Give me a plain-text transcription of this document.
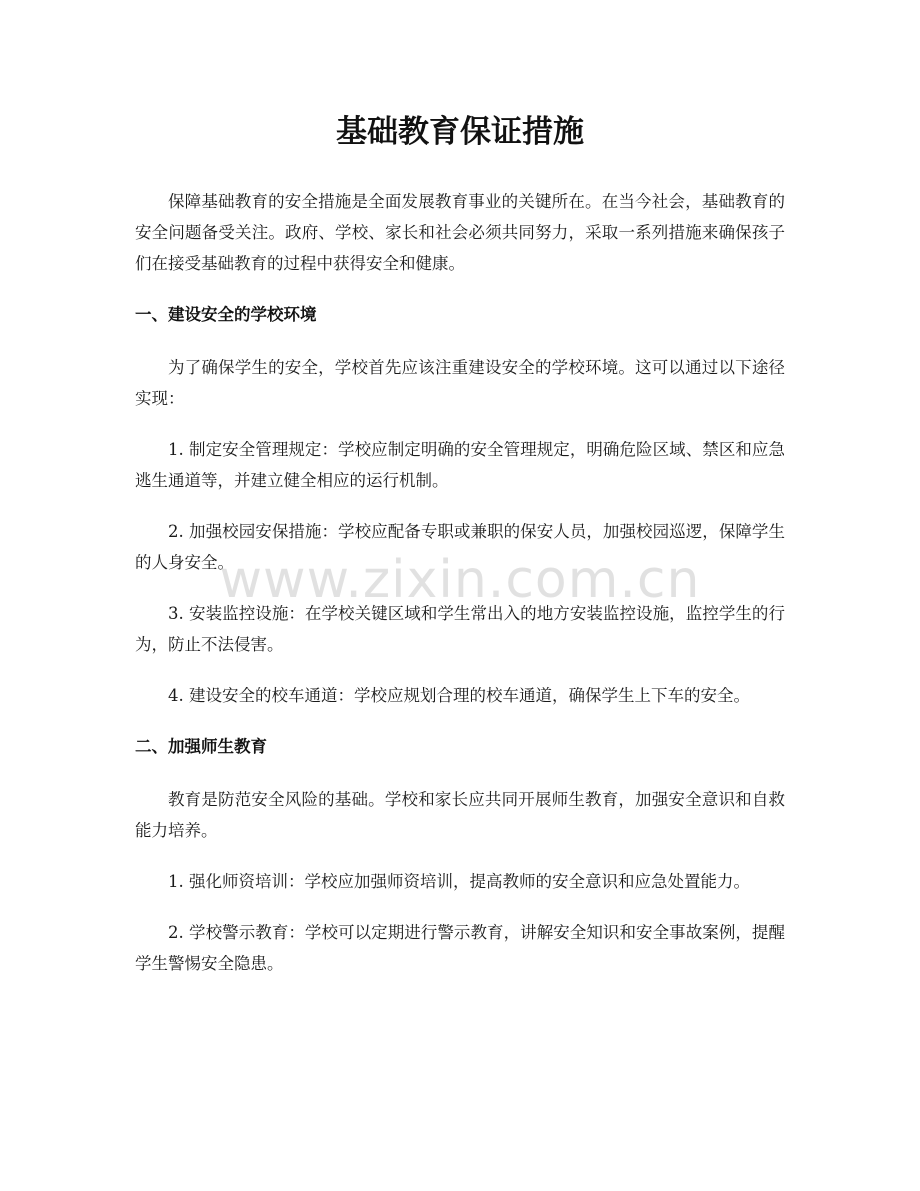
基础教育保证措施

保障基础教育的安全措施是全面发展教育事业的关键所在。在当今社会，基础教育的安全问题备受关注。政府、学校、家长和社会必须共同努力，采取一系列措施来确保孩子们在接受基础教育的过程中获得安全和健康。

一、建设安全的学校环境

为了确保学生的安全，学校首先应该注重建设安全的学校环境。这可以通过以下途径实现：

1. 制定安全管理规定：学校应制定明确的安全管理规定，明确危险区域、禁区和应急逃生通道等，并建立健全相应的运行机制。

2. 加强校园安保措施：学校应配备专职或兼职的保安人员，加强校园巡逻，保障学生的人身安全。

3. 安装监控设施：在学校关键区域和学生常出入的地方安装监控设施，监控学生的行为，防止不法侵害。

4. 建设安全的校车通道：学校应规划合理的校车通道，确保学生上下车的安全。

二、加强师生教育

教育是防范安全风险的基础。学校和家长应共同开展师生教育，加强安全意识和自救能力培养。

1. 强化师资培训：学校应加强师资培训，提高教师的安全意识和应急处置能力。

2. 学校警示教育：学校可以定期进行警示教育，讲解安全知识和安全事故案例，提醒学生警惕安全隐患。

www.zixin.com.cn
